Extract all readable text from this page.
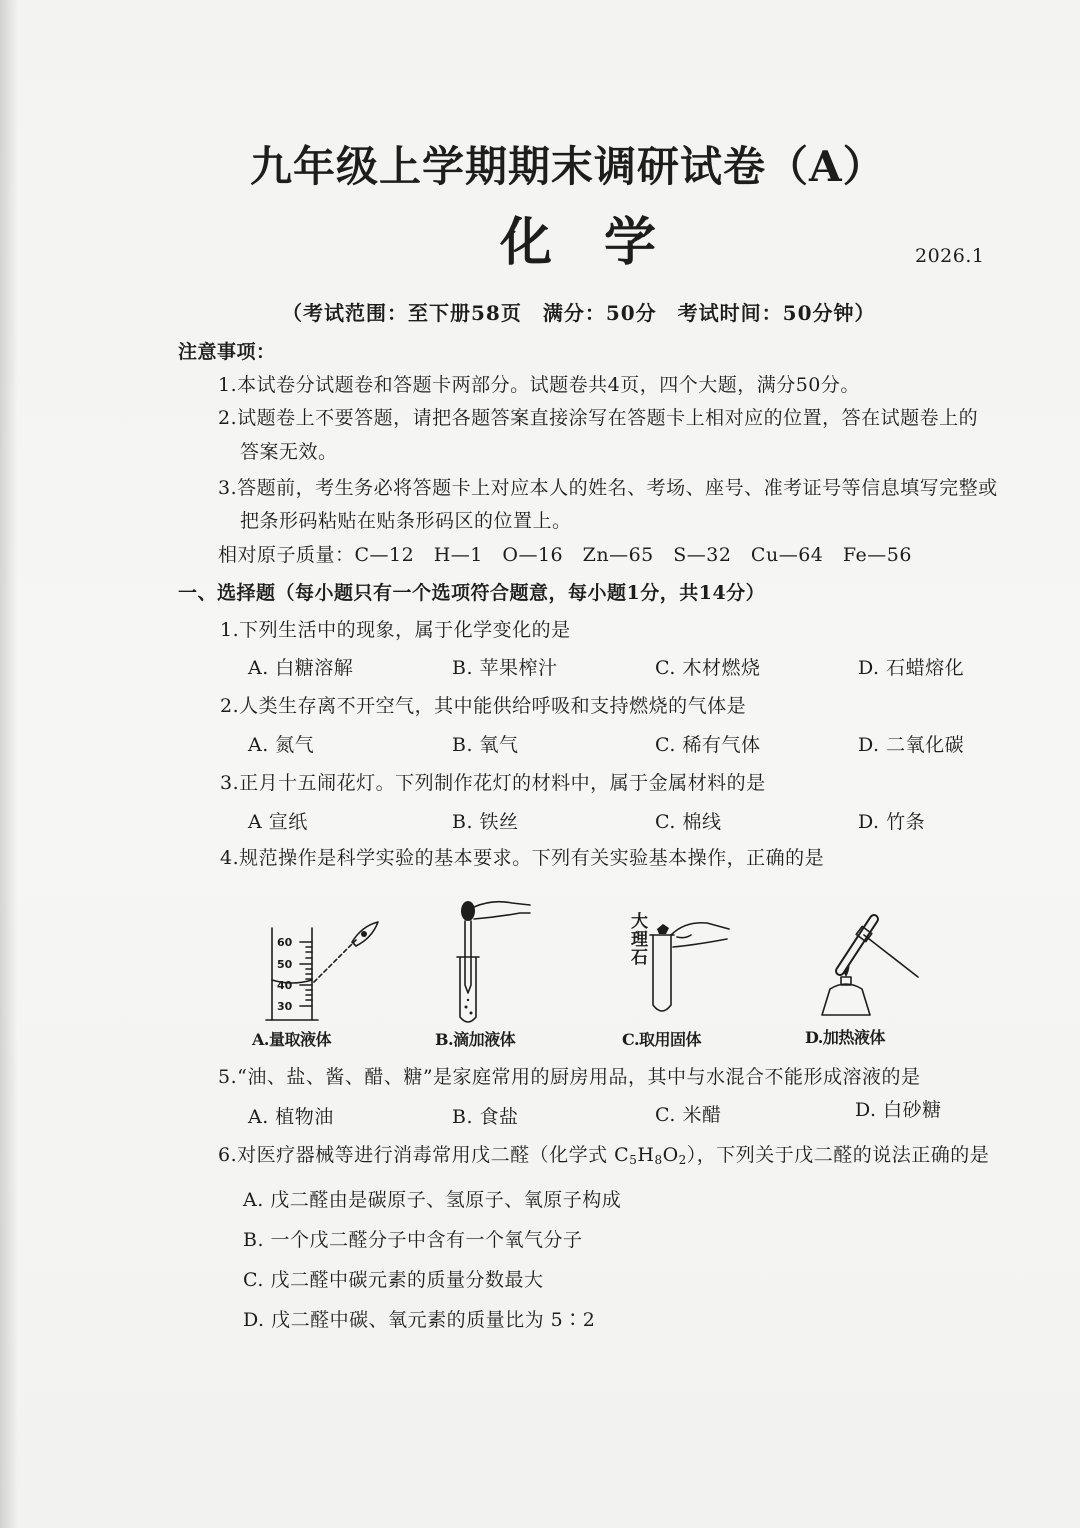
九年级上学期期末调研试卷（A）
化　学	2026.1
（考试范围：至下册58页　满分：50分　考试时间：50分钟）
注意事项：
1.本试卷分试题卷和答题卡两部分。试题卷共4页，四个大题，满分50分。
2.试题卷上不要答题，请把各题答案直接涂写在答题卡上相对应的位置，答在试题卷上的
答案无效。
3.答题前，考生务必将答题卡上对应本人的姓名、考场、座号、准考证号等信息填写完整或
把条形码粘贴在贴条形码区的位置上。
相对原子质量：C—12　H—1　O—16　Zn—65　S—32　Cu—64　Fe—56
一、选择题（每小题只有一个选项符合题意，每小题1分，共14分）
1.下列生活中的现象，属于化学变化的是
A. 白糖溶解	B. 苹果榨汁	C. 木材燃烧	D. 石蜡熔化
2.人类生存离不开空气，其中能供给呼吸和支持燃烧的气体是
A. 氮气	B. 氧气	C. 稀有气体	D. 二氧化碳
3.正月十五闹花灯。下列制作花灯的材料中，属于金属材料的是
A 宣纸	B. 铁丝	C. 棉线	D. 竹条
4.规范操作是科学实验的基本要求。下列有关实验基本操作，正确的是
60
50
40
30
大理石
A.量取液体	B.滴加液体	C.取用固体	D.加热液体
5.“油、盐、酱、醋、糖”是家庭常用的厨房用品，其中与水混合不能形成溶液的是
A. 植物油	B. 食盐	C. 米醋	D. 白砂糖
6.对医疗器械等进行消毒常用戊二醛（化学式 $C_5H_8O_2$），下列关于戊二醛的说法正确的是
A. 戊二醛由是碳原子、氢原子、氧原子构成
B. 一个戊二醛分子中含有一个氧气分子
C. 戊二醛中碳元素的质量分数最大
D. 戊二醛中碳、氧元素的质量比为 5∶2
